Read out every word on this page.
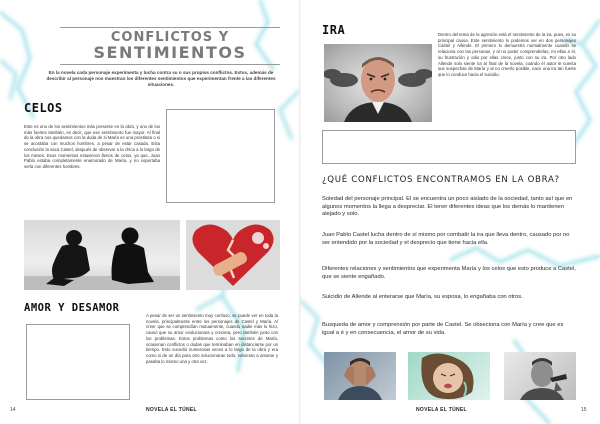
CONFLICTOS Y
SENTIMIENTOS
En la novela cada personaje experimenta y lucha contra su o sus propios conflictos. Estos, además de describir al personaje nos muestran los diferentes sentimientos que experimentan frente a las diferentes situaciones.
CELOS
Este es uno de los sentimientos más presente en la obra, y uno de los más fuertes también, es decir, que ese sentimiento fue mayor. Al final de la obra nos quedamos con la duda de si María es una prostituta o si se acostaba con muchos hombres, a pesar de estar casada. Esta conclusión la saca Castel, después de observar a la chica a lo largo de los meses. Esos momentos estuvieron llenos de celos, ya que, Juan Pablo estaba completamente enamorado de María, y no soportaba verla con diferentes hombres.
AMOR Y DESAMOR
A pesar de ser un sentimiento muy confuso, se puede ver en toda la novela, principalmente entre los personajes de Castel y María. Al creer que se comprendían mutuamente, cuando nadie más lo hizo, causó que su amor evolucionara y creciera, pero también junto con los problemas. Estos problemas como los secretos de María, ocasionan conflictos o dudas que terminaban en distanciarse por un tiempo. Esto sucedió numerosas veces a lo largo de la obra y era como si de un día para otro solucionaran todo, volvieran a amarse y pasaba lo mismo una y otra vez.
14	NOVELA EL TÚNEL
IRA	Dentro del tema de la agresión está el sentimiento de la ira, pues, es su principal causa. Este sentimiento lo podemos ver en dos personajes Castel y Allende. El primero lo demuestra normalmente cuando se relaciona con las personas, y al no poder comprenderlas, mi ellas a él, su frustración y odio por ellas crece, junto con su ira. Por otro lado Allende solo siente ira al final de la novela, cuando él autor le cuenta sus sospechas de María y al no creerlo posible, nace una ira tan fuerte que lo conduce hacia el suicidio.
¿QUÉ CONFLICTOS ENCONTRAMOS EN LA OBRA?
Soledad del personaje principal. El se encuentra un poco aislado de la sociedad, tanto así que en algunos momentos la llega a despreciar. El tener diferentes ideas que los demás lo mantienen alejado y solo.
Juan Pablo Castel lucha dentro de sí mismo por combatir la ira que lleva dentro, causado por no ser entendido por la sociedad y el desprecio que tiene hacia ella.
Diferentes relaciones y sentimientos que experimenta María y los celos que esto produce a Castel, que se siente engañado.
Suicidio de Allende al enterarse que María, su esposa, lo engañaba con otros.
Busqueda de amor y comprensión por parte de Castel. Se obseciona con María y cree que es igual a é y en consecuencia, el amor de su vida.
NOVELA EL TÚNEL	15
